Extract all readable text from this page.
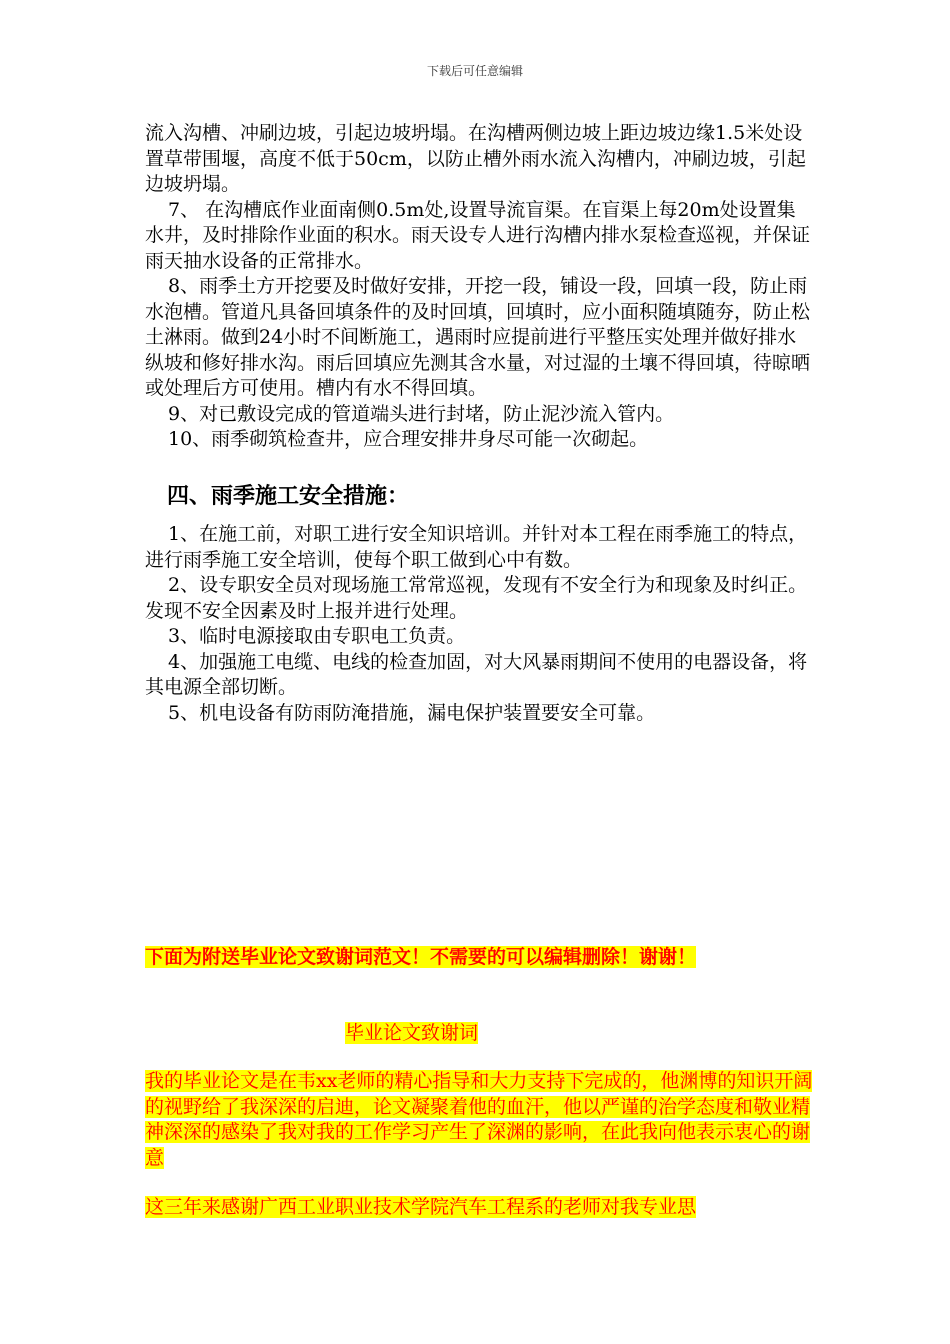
下载后可任意编辑

流入沟槽、冲刷边坡，引起边坡坍塌。在沟槽两侧边坡上距边坡边缘1.5米处设置草带围堰，高度不低于50cm，以防止槽外雨水流入沟槽内，冲刷边坡，引起边坡坍塌。

7、 在沟槽底作业面南侧0.5m处,设置导流盲渠。在盲渠上每20m处设置集水井，及时排除作业面的积水。雨天设专人进行沟槽内排水泵检查巡视，并保证雨天抽水设备的正常排水。

8、雨季土方开挖要及时做好安排，开挖一段，铺设一段，回填一段，防止雨水泡槽。管道凡具备回填条件的及时回填，回填时，应小面积随填随夯，防止松土淋雨。做到24小时不间断施工，遇雨时应提前进行平整压实处理并做好排水纵坡和修好排水沟。雨后回填应先测其含水量，对过湿的土壤不得回填，待晾晒或处理后方可使用。槽内有水不得回填。

9、对已敷设完成的管道端头进行封堵，防止泥沙流入管内。

10、雨季砌筑检查井，应合理安排井身尽可能一次砌起。

四、雨季施工安全措施：

1、在施工前，对职工进行安全知识培训。并针对本工程在雨季施工的特点，进行雨季施工安全培训，使每个职工做到心中有数。

2、设专职安全员对现场施工常常巡视，发现有不安全行为和现象及时纠正。发现不安全因素及时上报并进行处理。

3、临时电源接取由专职电工负责。

4、加强施工电缆、电线的检查加固，对大风暴雨期间不使用的电器设备，将其电源全部切断。

5、机电设备有防雨防淹措施，漏电保护装置要安全可靠。

下面为附送毕业论文致谢词范文！不需要的可以编辑删除！谢谢！
毕业论文致谢词
我的毕业论文是在韦xx老师的精心指导和大力支持下完成的，他渊博的知识开阔的视野给了我深深的启迪，论文凝聚着他的血汗，他以严谨的治学态度和敬业精神深深的感染了我对我的工作学习产生了深渊的影响，在此我向他表示衷心的谢意
这三年来感谢广西工业职业技术学院汽车工程系的老师对我专业思
